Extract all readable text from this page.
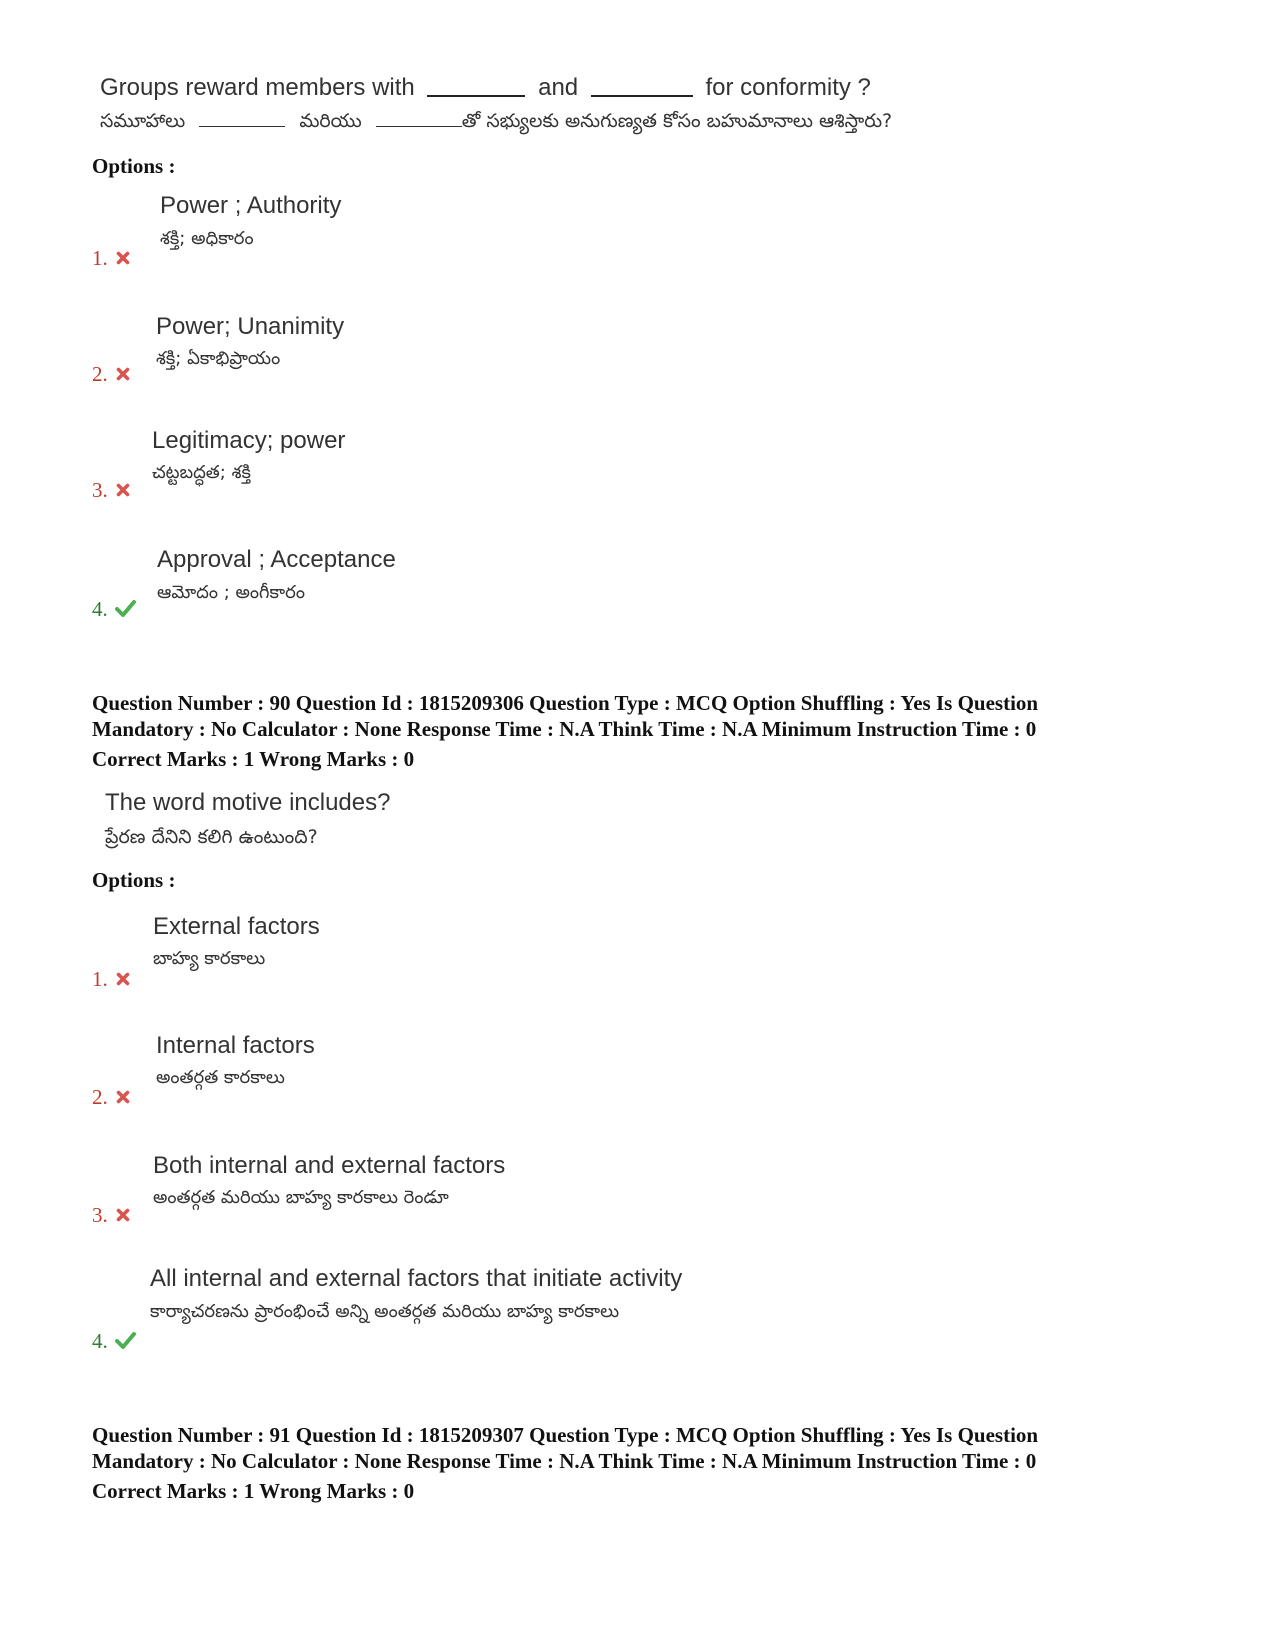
Groups reward members with	and	for conformity ?
సమూహాలు	మరియు	తో సభ్యులకు అనుగుణ్యత కోసం బహుమానాలు ఆశిస్తారు?
Options :
Power ; Authority
శక్తి; అధికారం
1.
Power; Unanimity
శక్తి; ఏకాభిప్రాయం
2.
Legitimacy; power
చట్టబద్ధత; శక్తి
3.
Approval ; Acceptance
ఆమోదం ; అంగీకారం
4.
Question Number : 90 Question Id : 1815209306 Question Type : MCQ Option Shuffling : Yes Is Question
Mandatory : No Calculator : None Response Time : N.A Think Time : N.A Minimum Instruction Time : 0
Correct Marks : 1 Wrong Marks : 0
The word motive includes?
ప్రేరణ దేనిని కలిగి ఉంటుంది?
Options :
External factors
బాహ్య కారకాలు
1.
Internal factors
అంతర్గత కారకాలు
2.
Both internal and external factors
అంతర్గత మరియు బాహ్య కారకాలు రెండూ
3.
All internal and external factors that initiate activity
కార్యాచరణను ప్రారంభించే అన్ని అంతర్గత మరియు బాహ్య కారకాలు
4.
Question Number : 91 Question Id : 1815209307 Question Type : MCQ Option Shuffling : Yes Is Question
Mandatory : No Calculator : None Response Time : N.A Think Time : N.A Minimum Instruction Time : 0
Correct Marks : 1 Wrong Marks : 0
